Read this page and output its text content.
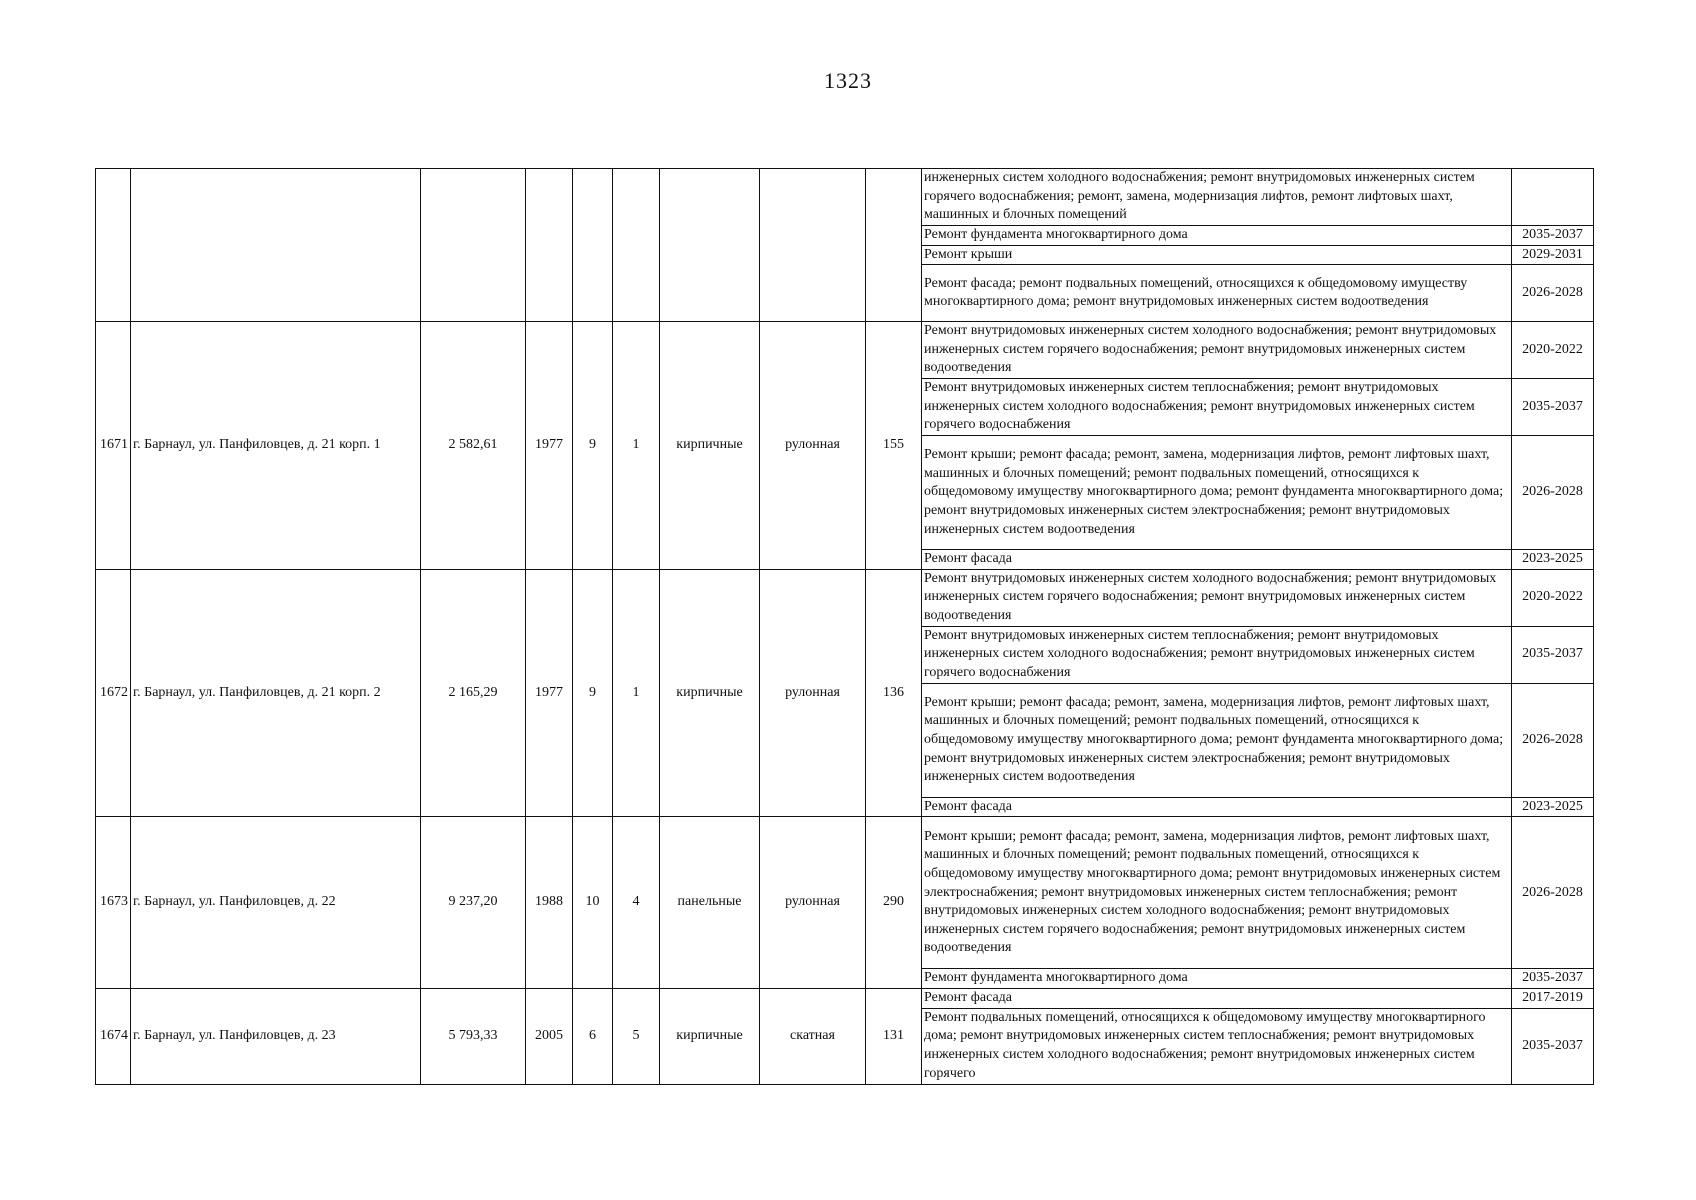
1323
									инженерных систем холодного водоснабжения; ремонт внутридомовых инженерных систем горячего водоснабжения; ремонт, замена, модернизация лифтов, ремонт лифтовых шахт, машинных и блочных помещений	
									Ремонт фундамента многоквартирного дома	2035-2037
									Ремонт крыши	2029-2031
									Ремонт фасада; ремонт подвальных помещений, относящихся к общедомовому имуществу многоквартирного дома; ремонт внутридомовых инженерных систем водоотведения	2026-2028
1671	г. Барнаул, ул. Панфиловцев, д. 21 корп. 1	2 582,61	1977	9	1	кирпичные	рулонная	155	Ремонт внутридомовых инженерных систем холодного водоснабжения; ремонт внутридомовых инженерных систем горячего водоснабжения; ремонт внутридомовых инженерных систем водоотведения	2020-2022
									Ремонт внутридомовых инженерных систем теплоснабжения; ремонт внутридомовых инженерных систем холодного водоснабжения; ремонт внутридомовых инженерных систем горячего водоснабжения	2035-2037
									Ремонт крыши; ремонт фасада; ремонт, замена, модернизация лифтов, ремонт лифтовых шахт, машинных и блочных помещений; ремонт подвальных помещений, относящихся к общедомовому имуществу многоквартирного дома; ремонт фундамента многоквартирного дома; ремонт внутридомовых инженерных систем электроснабжения; ремонт внутридомовых инженерных систем водоотведения	2026-2028
									Ремонт фасада	2023-2025
1672	г. Барнаул, ул. Панфиловцев, д. 21 корп. 2	2 165,29	1977	9	1	кирпичные	рулонная	136	Ремонт внутридомовых инженерных систем холодного водоснабжения; ремонт внутридомовых инженерных систем горячего водоснабжения; ремонт внутридомовых инженерных систем водоотведения	2020-2022
									Ремонт внутридомовых инженерных систем теплоснабжения; ремонт внутридомовых инженерных систем холодного водоснабжения; ремонт внутридомовых инженерных систем горячего водоснабжения	2035-2037
									Ремонт крыши; ремонт фасада; ремонт, замена, модернизация лифтов, ремонт лифтовых шахт, машинных и блочных помещений; ремонт подвальных помещений, относящихся к общедомовому имуществу многоквартирного дома; ремонт фундамента многоквартирного дома; ремонт внутридомовых инженерных систем электроснабжения; ремонт внутридомовых инженерных систем водоотведения	2026-2028
									Ремонт фасада	2023-2025
1673	г. Барнаул, ул. Панфиловцев, д. 22	9 237,20	1988	10	4	панельные	рулонная	290	Ремонт крыши; ремонт фасада; ремонт, замена, модернизация лифтов, ремонт лифтовых шахт, машинных и блочных помещений; ремонт подвальных помещений, относящихся к общедомовому имуществу многоквартирного дома; ремонт внутридомовых инженерных систем электроснабжения; ремонт внутридомовых инженерных систем теплоснабжения; ремонт внутридомовых инженерных систем холодного водоснабжения; ремонт внутридомовых инженерных систем горячего водоснабжения; ремонт внутридомовых инженерных систем водоотведения	2026-2028
									Ремонт фундамента многоквартирного дома	2035-2037
1674	г. Барнаул, ул. Панфиловцев, д. 23	5 793,33	2005	6	5	кирпичные	скатная	131	Ремонт фасада	2017-2019
									Ремонт подвальных помещений, относящихся к общедомовому имуществу многоквартирного дома; ремонт внутридомовых инженерных систем теплоснабжения; ремонт внутридомовых инженерных систем холодного водоснабжения; ремонт внутридомовых инженерных систем горячего	2035-2037
